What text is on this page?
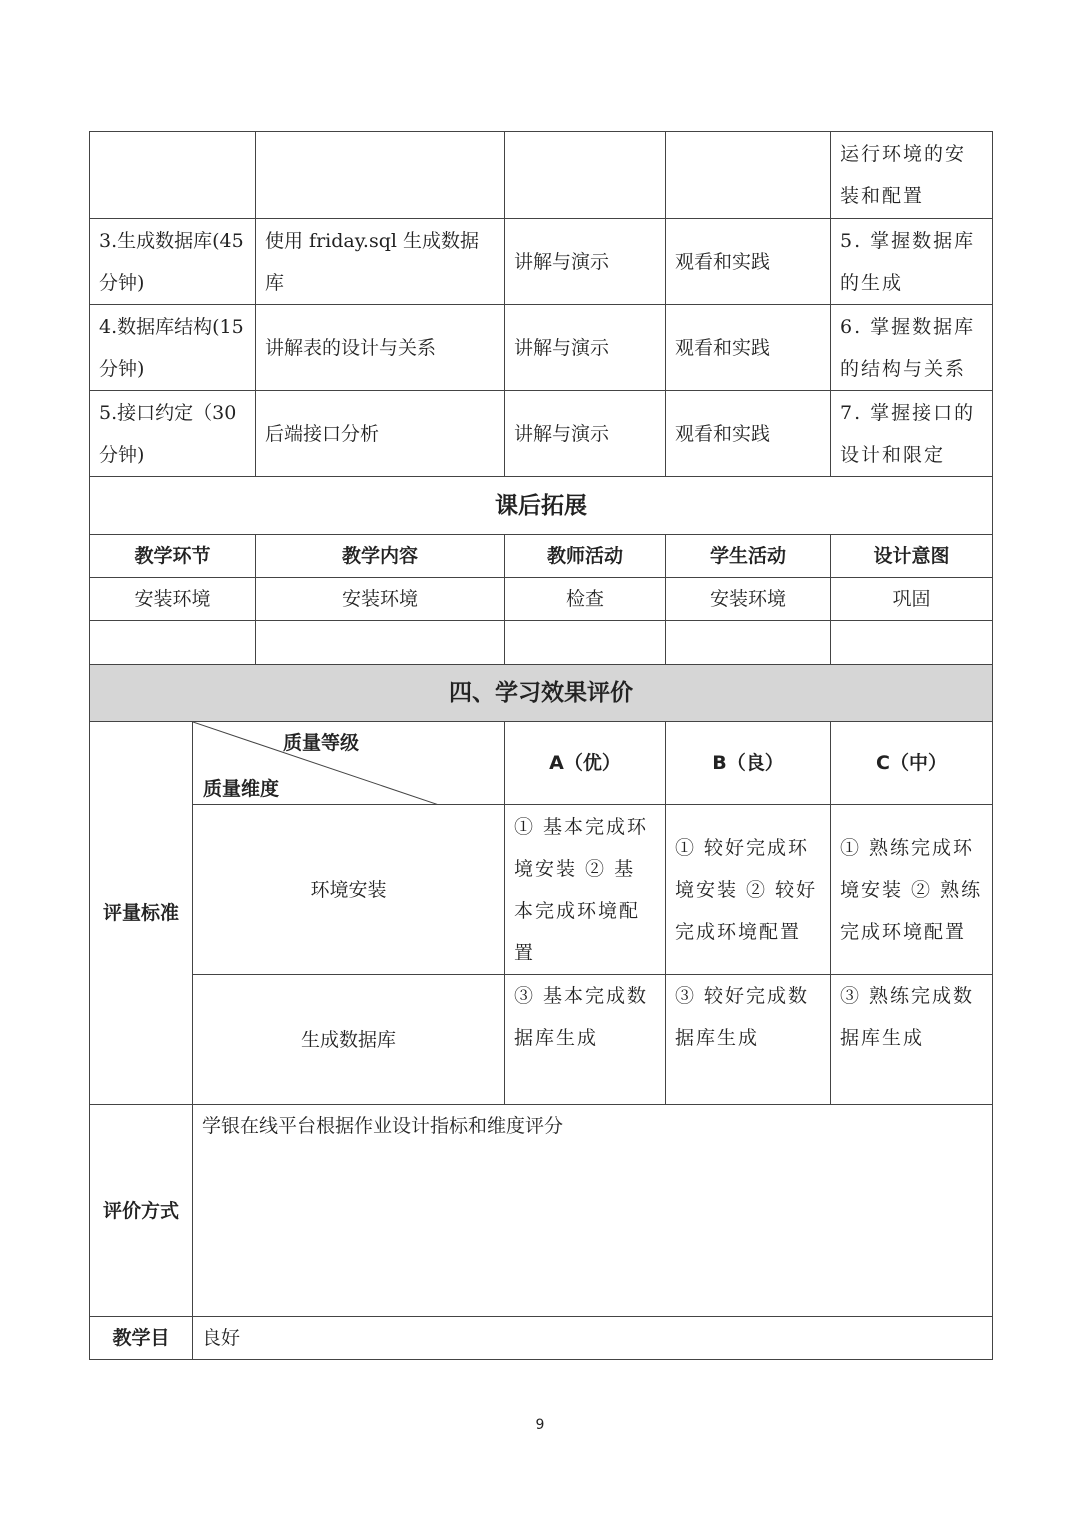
					运行环境的安装和配置
3.生成数据库(45分钟)		使用 friday.sql 生成数据库	讲解与演示	观看和实践	5. 掌握数据库的生成
4.数据库结构(15分钟)		讲解表的设计与关系	讲解与演示	观看和实践	6. 掌握数据库的结构与关系
5.接口约定（30分钟)		后端接口分析	讲解与演示	观看和实践	7. 掌握接口的设计和限定
课后拓展					
教学环节		教学内容	教师活动	学生活动	设计意图
安装环境		安装环境	检查	安装环境	巩固

四、学习效果评价					
评量标准	质量等级
质量维度		A（优）	B（良）	C（中）
	环境安装		① 基本完成环境安装 ② 基本完成环境配置	① 较好完成环境安装 ② 较好完成环境配置	① 熟练完成环境安装 ② 熟练完成环境配置
	生成数据库		③ 基本完成数据库生成	③ 较好完成数据库生成	③ 熟练完成数据库生成
评价方式	学银在线平台根据作业设计指标和维度评分				
教学目	良好				
9
